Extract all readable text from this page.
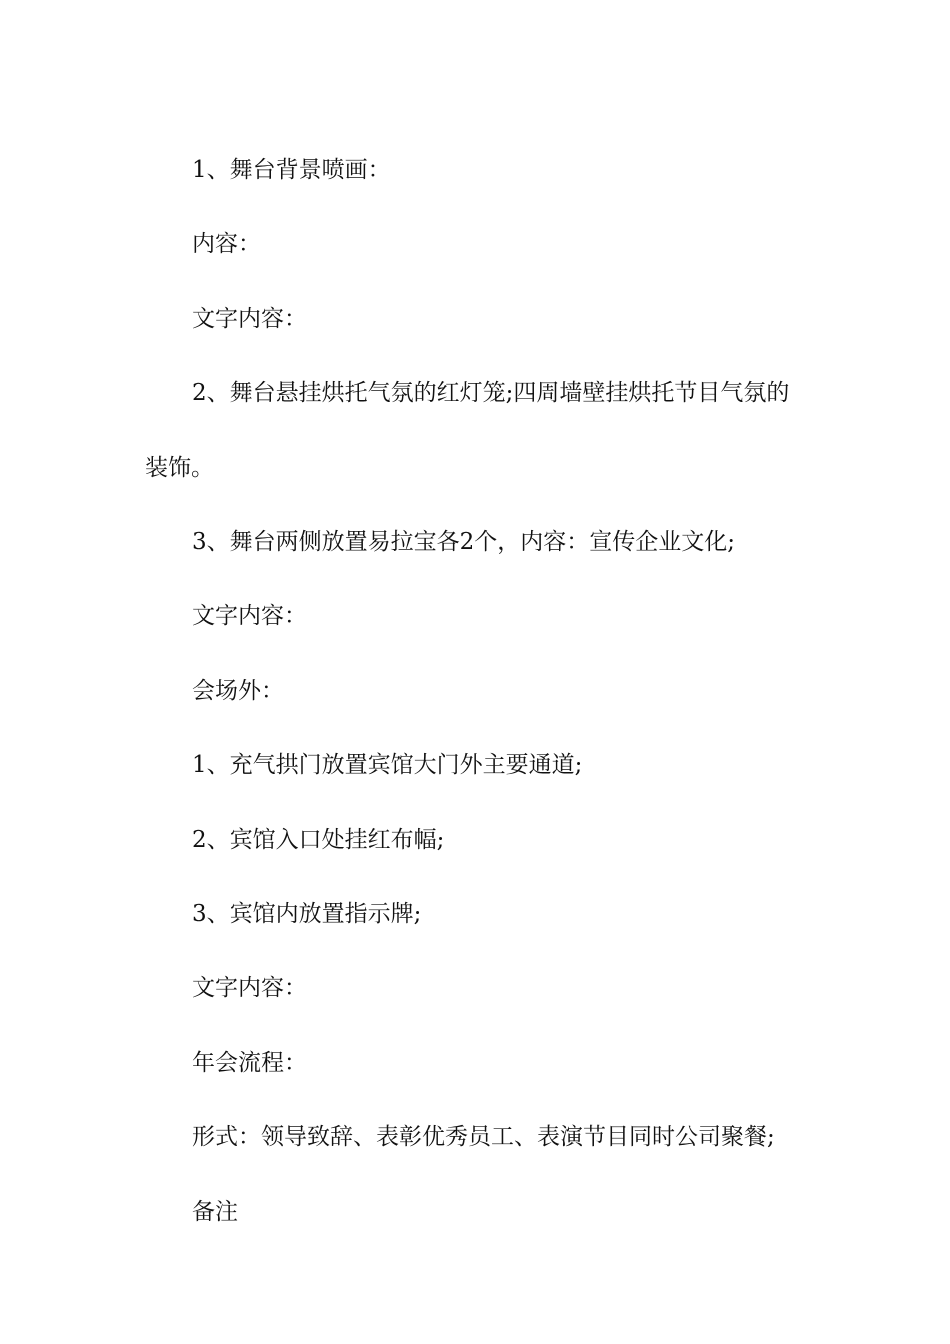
1、舞台背景喷画：

内容：

文字内容：

2、舞台悬挂烘托气氛的红灯笼;四周墙壁挂烘托节目气氛的装饰。

3、舞台两侧放置易拉宝各2个，内容：宣传企业文化;

文字内容：

会场外：

1、充气拱门放置宾馆大门外主要通道;

2、宾馆入口处挂红布幅;

3、宾馆内放置指示牌;

文字内容：

年会流程：

形式：领导致辞、表彰优秀员工、表演节目同时公司聚餐;

备注
